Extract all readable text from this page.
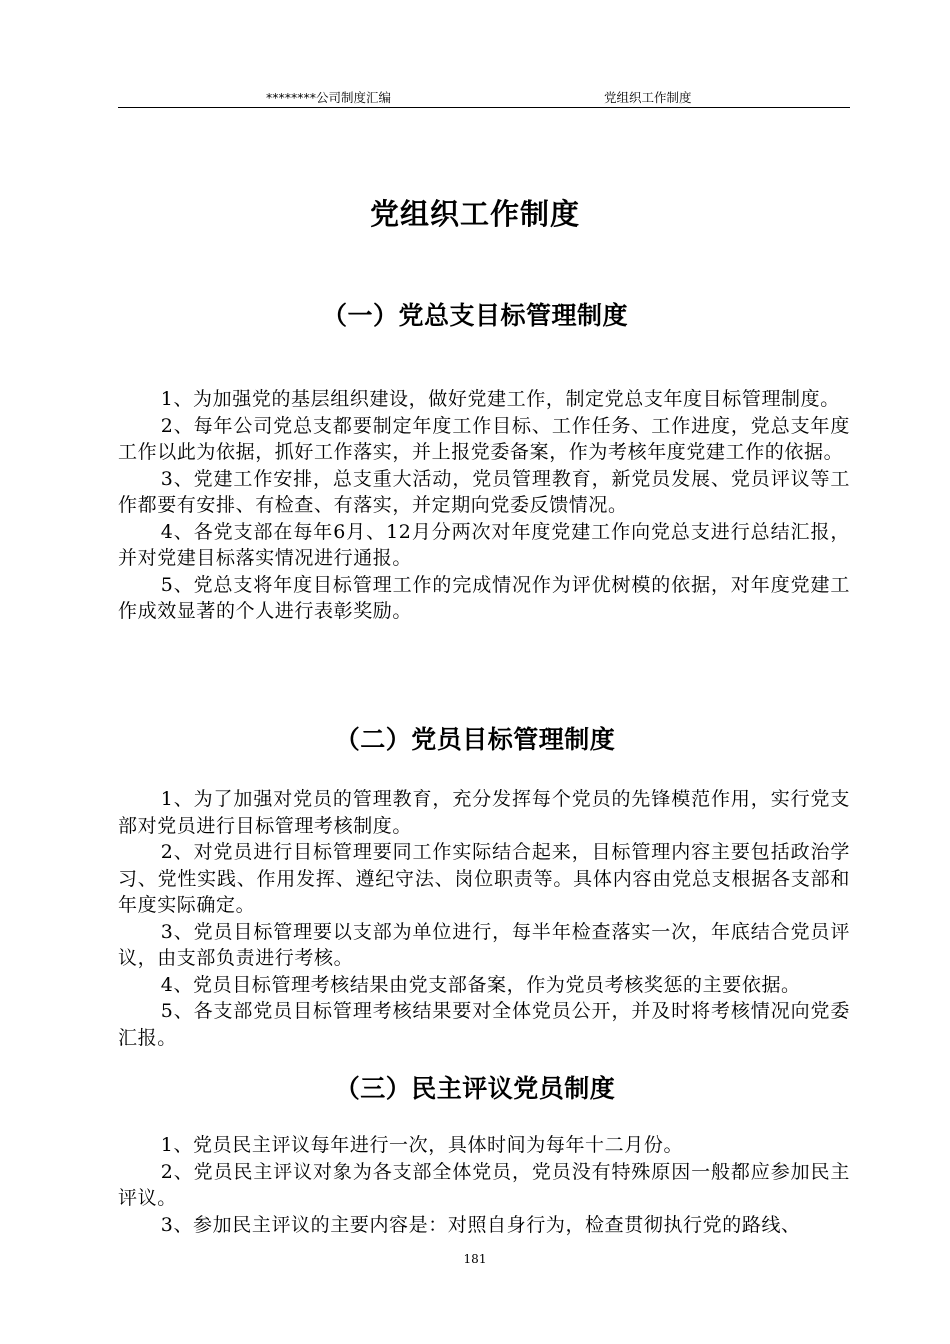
********公司制度汇编	党组织工作制度
党组织工作制度
（一）党总支目标管理制度

1、为加强党的基层组织建设，做好党建工作，制定党总支年度目标管理制度。

2、每年公司党总支都要制定年度工作目标、工作任务、工作进度，党总支年度工作以此为依据，抓好工作落实，并上报党委备案，作为考核年度党建工作的依据。

3、党建工作安排，总支重大活动，党员管理教育，新党员发展、党员评议等工作都要有安排、有检查、有落实，并定期向党委反馈情况。

4、各党支部在每年6月、12月分两次对年度党建工作向党总支进行总结汇报，并对党建目标落实情况进行通报。

5、党总支将年度目标管理工作的完成情况作为评优树模的依据，对年度党建工作成效显著的个人进行表彰奖励。

（二）党员目标管理制度

1、为了加强对党员的管理教育，充分发挥每个党员的先锋模范作用，实行党支部对党员进行目标管理考核制度。

2、对党员进行目标管理要同工作实际结合起来，目标管理内容主要包括政治学习、党性实践、作用发挥、遵纪守法、岗位职责等。具体内容由党总支根据各支部和年度实际确定。

3、党员目标管理要以支部为单位进行，每半年检查落实一次，年底结合党员评议，由支部负责进行考核。

4、党员目标管理考核结果由党支部备案，作为党员考核奖惩的主要依据。

5、各支部党员目标管理考核结果要对全体党员公开，并及时将考核情况向党委汇报。

（三）民主评议党员制度

1、党员民主评议每年进行一次，具体时间为每年十二月份。

2、党员民主评议对象为各支部全体党员，党员没有特殊原因一般都应参加民主评议。

3、参加民主评议的主要内容是：对照自身行为，检查贯彻执行党的路线、

181
